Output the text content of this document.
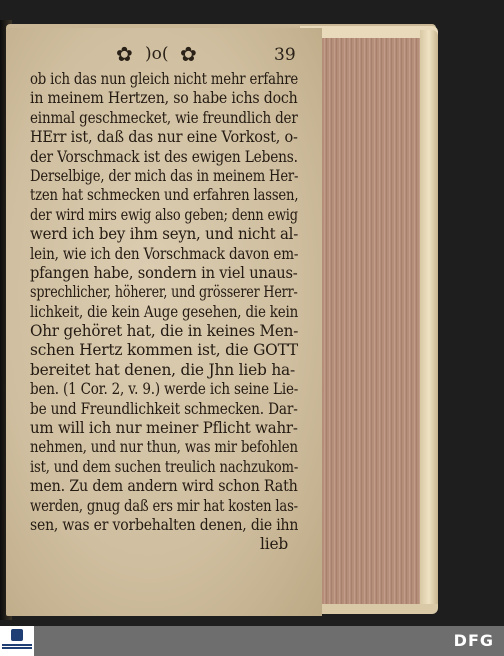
✿ )o( ✿	39
ob ich das nun gleich nicht mehr erfahre
in meinem Hertzen, so habe ichs doch
einmal geschmecket, wie freundlich der
HErr ist, daß das nur eine Vorkost, o-
der Vorschmack ist des ewigen Lebens.
Derselbige, der mich das in meinem Her-
tzen hat schmecken und erfahren lassen,
der wird mirs ewig also geben; denn ewig
werd ich bey ihm seyn, und nicht al-
lein, wie ich den Vorschmack davon em-
pfangen habe, sondern in viel unaus-
sprechlicher, höherer, und grösserer Herr-
lichkeit, die kein Auge gesehen, die kein
Ohr gehöret hat, die in keines Men-
schen Hertz kommen ist, die GOTT
bereitet hat denen, die Jhn lieb ha-
ben. (1 Cor. 2, v. 9.) werde ich seine Lie-
be und Freundlichkeit schmecken. Dar-
um will ich nur meiner Pflicht wahr-
nehmen, und nur thun, was mir befohlen
ist, und dem suchen treulich nachzukom-
men. Zu dem andern wird schon Rath
werden, gnug daß ers mir hat kosten las-
sen, was er vorbehalten denen, die ihn
lieb
DFG
